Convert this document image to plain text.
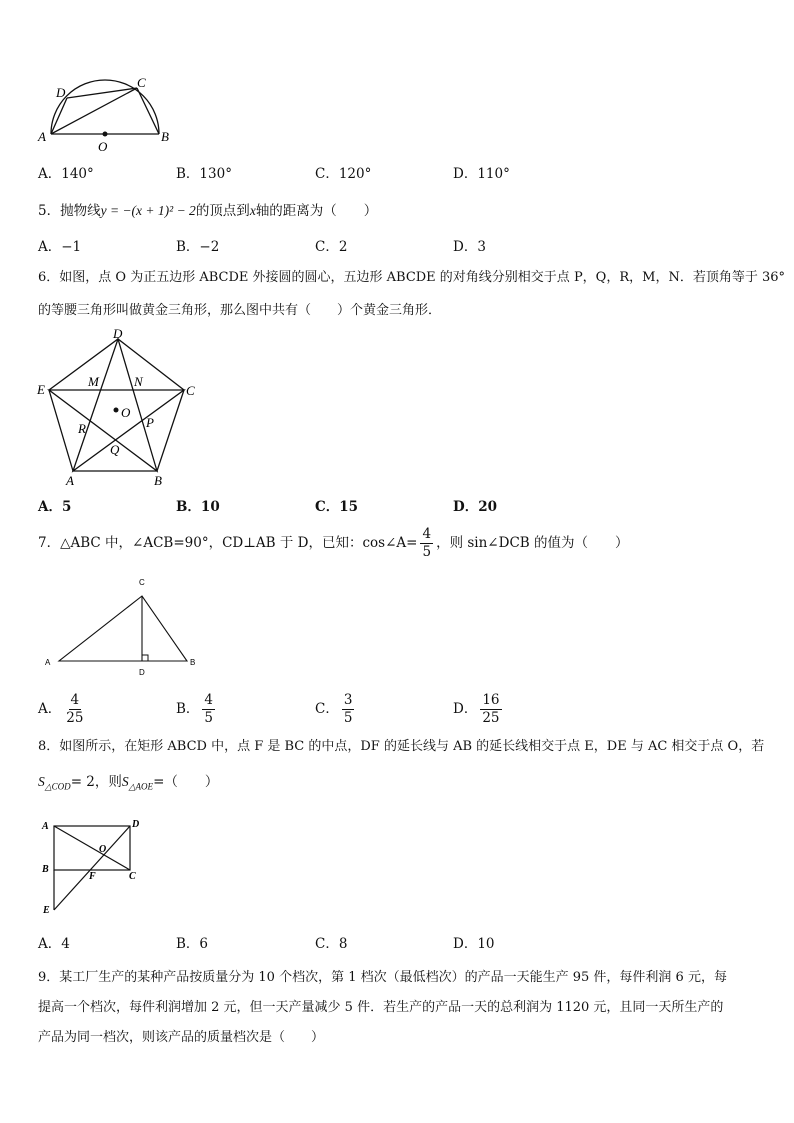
A	B
C
D
O
A．140°	B．130°	C．120°	D．110°
5．抛物线y = −(x + 1)² − 2的顶点到x轴的距离为（　　）
A．−1	B．−2	C．2	D．3
6．如图，点 O 为正五边形 ABCDE 外接圆的圆心，五边形 ABCDE 的对角线分别相交于点 P，Q，R，M，N．若顶角等于 36°
的等腰三角形叫做黄金三角形，那么图中共有（　　）个黄金三角形．
A	B
C
D
E
M	N
O
P
Q
R
A．5	B．10	C．15	D．20
7．△ABC 中，∠ACB=90°，CD⊥AB 于 D，已知：cos∠A= $\frac{4}{5}$ ，则 sin∠DCB 的值为（　　）
A	B
C
D
A． $\frac{4}{25}$	B． $\frac{4}{5}$	C． $\frac{3}{5}$	D． $\frac{16}{25}$
8．如图所示，在矩形 ABCD 中，点 F 是 BC 的中点，DF 的延长线与 AB 的延长线相交于点 E，DE 与 AC 相交于点 O，若
$S_{\triangle COD}= 2$，则$S_{\triangle AOE}=$（　　）
A	D
B
C
O
F
E
A．4	B．6	C．8	D．10
9．某工厂生产的某种产品按质量分为 10 个档次，第 1 档次（最低档次）的产品一天能生产 95 件，每件利润 6 元，每
提高一个档次，每件利润增加 2 元，但一天产量减少 5 件．若生产的产品一天的总利润为 1120 元，且同一天所生产的
产品为同一档次，则该产品的质量档次是（　　）
